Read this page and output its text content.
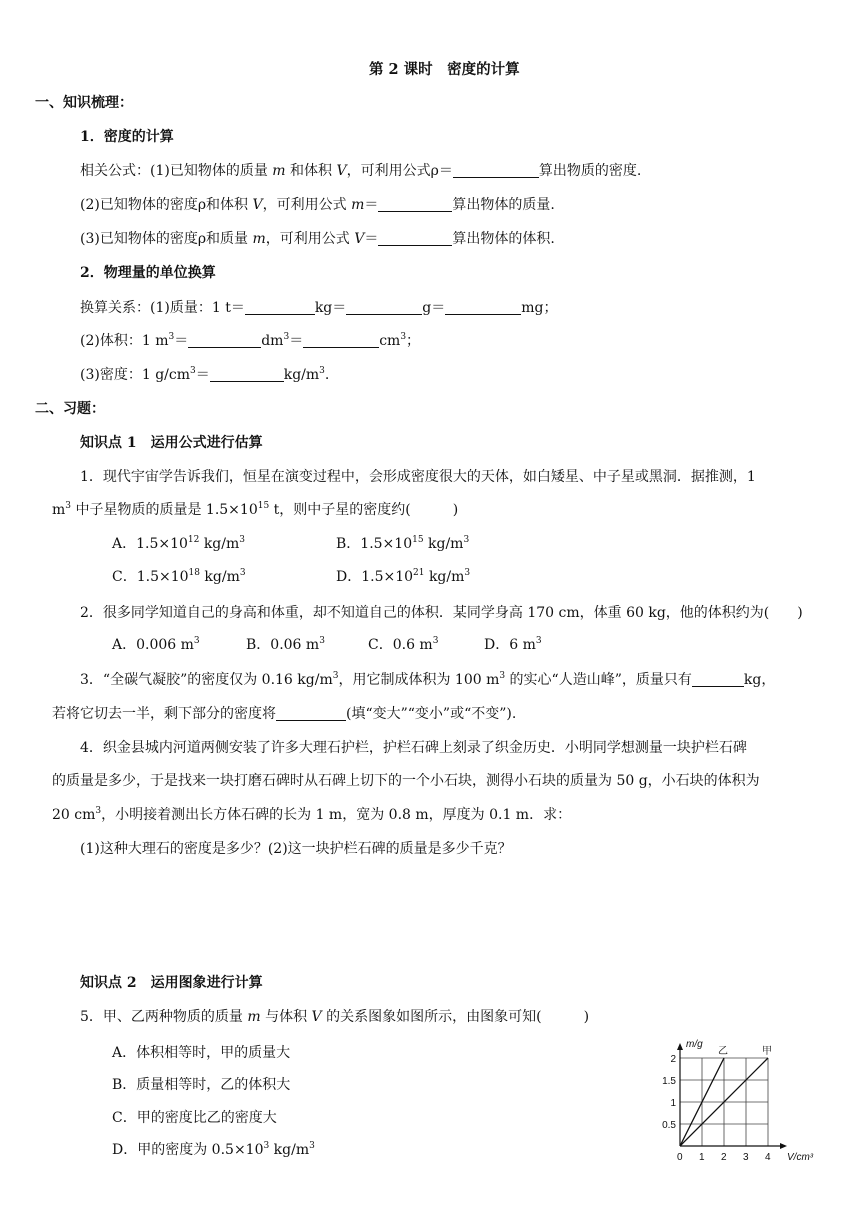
第 2 课时　密度的计算
一、知识梳理：
1．密度的计算
相关公式：(1)已知物体的质量 m 和体积 V，可利用公式ρ＝	算出物质的密度.
(2)已知物体的密度ρ和体积 V，可利用公式 m＝	算出物体的质量.
(3)已知物体的密度ρ和质量 m，可利用公式 V＝	算出物体的体积.
2．物理量的单位换算
换算关系：(1)质量：1 t＝	kg＝	g＝	mg；
(2)体积：1 $m^3=$	$dm^3=$	$cm^3$；
(3)密度：1 $g/cm^3=$	$kg/m^3$.
二、习题：
知识点 1　运用公式进行估算
1．现代宇宙学告诉我们，恒星在演变过程中，会形成密度很大的天体，如白矮星、中子星或黑洞．据推测，1
$m^3$ 中子星物质的质量是 $1.5\times 10^{15}$ t，则中子星的密度约(　　　)
A．$1.5\times 10^{12}$ $kg/m^3$	B．$1.5\times 10^{15}$ $kg/m^3$
C．$1.5\times 10^{18}$ $kg/m^3$	D．$1.5\times 10^{21}$ $kg/m^3$
2．很多同学知道自己的身高和体重，却不知道自己的体积．某同学身高 170 cm，体重 60 kg，他的体积约为(　　)
A．0.006 $m^3$	B．0.06 $m^3$	C．0.6 $m^3$	D．6 $m^3$
3．“全碳气凝胶”的密度仅为 0.16 $kg/m^3$，用它制成体积为 100 $m^3$ 的实心“人造山峰”，质量只有	kg，
若将它切去一半，剩下部分的密度将	(填“变大”“变小”或“不变”).
4．织金县城内河道两侧安装了许多大理石护栏，护栏石碑上刻录了织金历史．小明同学想测量一块护栏石碑
的质量是多少，于是找来一块打磨石碑时从石碑上切下的一个小石块，测得小石块的质量为 50 g，小石块的体积为
20 $cm^3$，小明接着测出长方体石碑的长为 1 m，宽为 0.8 m，厚度为 0.1 m．求：
(1)这种大理石的密度是多少？(2)这一块护栏石碑的质量是多少千克？
知识点 2　运用图象进行计算
5．甲、乙两种物质的质量 m 与体积 V 的关系图象如图所示，由图象可知(　　　)
A．体积相等时，甲的质量大
B．质量相等时，乙的体积大
C．甲的密度比乙的密度大
D．甲的密度为 $0.5\times 10^3$ $kg/m^3$
0 1 2 3 4
0.5
1
1.5
2
m/g
V/cm³
乙	甲
